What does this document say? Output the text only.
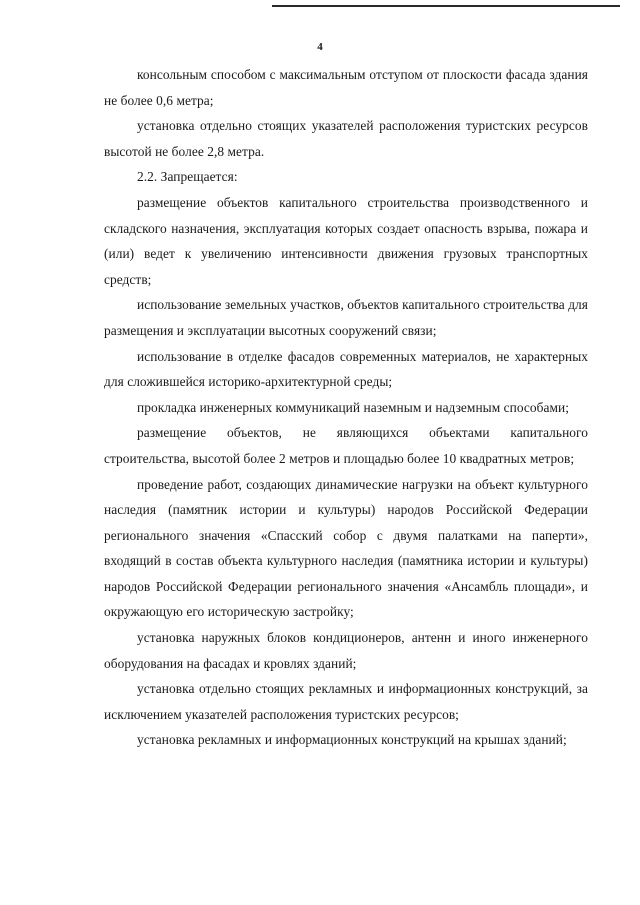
4

консольным способом с максимальным отступом от плоскости фасада здания не более 0,6 метра;

установка отдельно стоящих указателей расположения туристских ресурсов высотой не более 2,8 метра.

2.2. Запрещается:

размещение объектов капитального строительства производственного и складского назначения, эксплуатация которых создает опасность взрыва, пожара и (или) ведет к увеличению интенсивности движения грузовых транспортных средств;

использование земельных участков, объектов капитального строительства для размещения и эксплуатации высотных сооружений связи;

использование в отделке фасадов современных материалов, не характерных для сложившейся историко-архитектурной среды;

прокладка инженерных коммуникаций наземным и надземным способами;

размещение объектов, не являющихся объектами капитального строительства, высотой более 2 метров и площадью более 10 квадратных метров;

проведение работ, создающих динамические нагрузки на объект культурного наследия (памятник истории и культуры) народов Российской Федерации регионального значения «Спасский собор с двумя палатками на паперти», входящий в состав объекта культурного наследия (памятника истории и культуры) народов Российской Федерации регионального значения «Ансамбль площади», и окружающую его историческую застройку;

установка наружных блоков кондиционеров, антенн и иного инженерного оборудования на фасадах и кровлях зданий;

установка отдельно стоящих рекламных и информационных конструкций, за исключением указателей расположения туристских ресурсов;

установка рекламных и информационных конструкций на крышах зданий;
